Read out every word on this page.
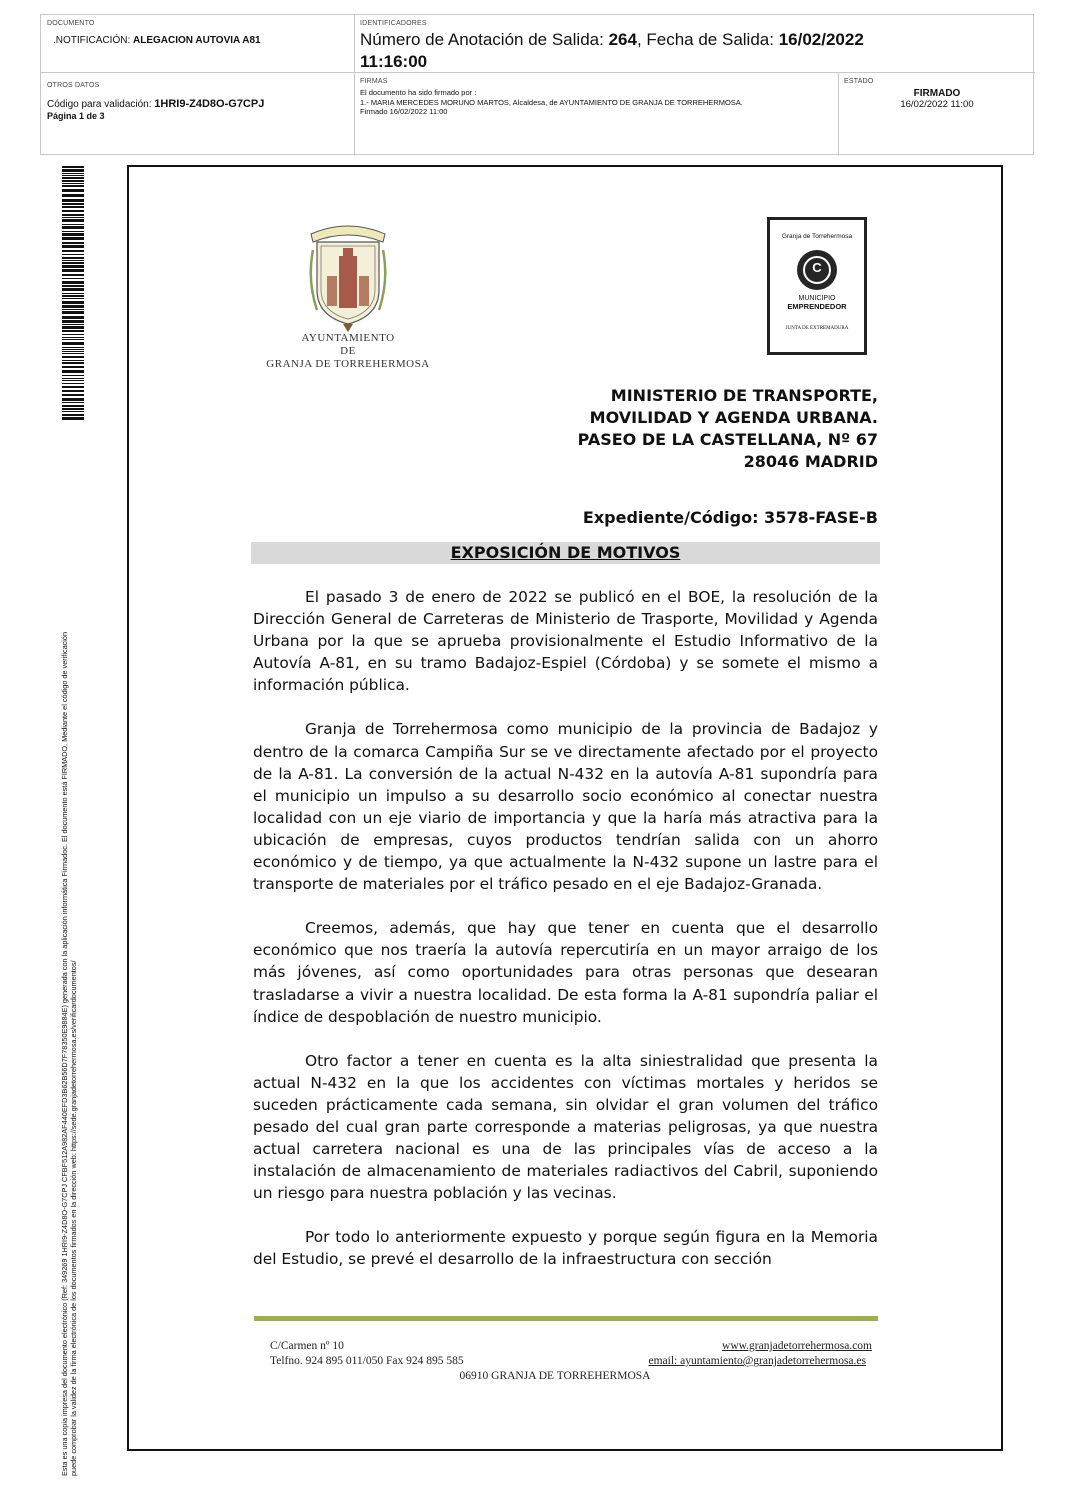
DOCUMENTO
.NOTIFICACIÓN: ALEGACION AUTOVIA A81
IDENTIFICADORES
Número de Anotación de Salida: 264, Fecha de Salida: 16/02/2022
11:16:00
OTROS DATOS
Código para validación: 1HRI9-Z4D8O-G7CPJ
Página 1 de 3
FIRMAS
El documento ha sido firmado por :
1.- MARIA MERCEDES MORUNO MARTOS, Alcaldesa, de AYUNTAMIENTO DE GRANJA DE TORREHERMOSA.
Firmado 16/02/2022 11:00
ESTADO
FIRMADO
16/02/2022 11:00
Esta es una copia impresa del documento electrónico (Ref: 349269 1HRI9-Z4D8O-G7CPJ CFBF512A982AF440EFD3B62B56D7F78350E9884E) generada con la aplicación informática Firmadoc. El documento está FIRMADO. Mediante el código de verificación puede comprobar la validez de la firma electrónica de los documentos firmados en la dirección web: https://sede.granjadetorrehermosa.es/verificardocumentos/
AYUNTAMIENTO
DE
GRANJA DE TORREHERMOSA
Granja de Torrehermosa
C
MUNICIPIO
EMPRENDEDOR
JUNTA DE EXTREMADURA
MINISTERIO DE TRANSPORTE,
MOVILIDAD Y AGENDA URBANA.
PASEO DE LA CASTELLANA, Nº 67
28046 MADRID
Expediente/Código: 3578-FASE-B
EXPOSICIÓN DE MOTIVOS

El pasado 3 de enero de 2022 se publicó en el BOE, la resolución de la Dirección General de Carreteras de Ministerio de Trasporte, Movilidad y Agenda Urbana por la que se aprueba provisionalmente el Estudio Informativo de la Autovía A-81, en su tramo Badajoz-Espiel (Córdoba) y se somete el mismo a información pública.

Granja de Torrehermosa como municipio de la provincia de Badajoz y dentro de la comarca Campiña Sur se ve directamente afectado por el proyecto de la A-81. La conversión de la actual N-432 en la autovía A-81 supondría para el municipio un impulso a su desarrollo socio económico al conectar nuestra localidad con un eje viario de importancia y que la haría más atractiva para la ubicación de empresas, cuyos productos tendrían salida con un ahorro económico y de tiempo, ya que actualmente la N-432 supone un lastre para el transporte de materiales por el tráfico pesado en el eje Badajoz-Granada.

Creemos, además, que hay que tener en cuenta que el desarrollo económico que nos traería la autovía repercutiría en un mayor arraigo de los más jóvenes, así como oportunidades para otras personas que desearan trasladarse a vivir a nuestra localidad. De esta forma la A-81 supondría paliar el índice de despoblación de nuestro municipio.

Otro factor a tener en cuenta es la alta siniestralidad que presenta la actual N-432 en la que los accidentes con víctimas mortales y heridos se suceden prácticamente cada semana, sin olvidar el gran volumen del tráfico pesado del cual gran parte corresponde a materias peligrosas, ya que nuestra actual carretera nacional es una de las principales vías de acceso a la instalación de almacenamiento de materiales radiactivos del Cabril, suponiendo un riesgo para nuestra población y las vecinas.

Por todo lo anteriormente expuesto y porque según figura en la Memoria del Estudio, se prevé el desarrollo de la infraestructura con sección

C/Carmen nº 10	www.granjadetorrehermosa.com
Telfno. 924 895 011/050 Fax 924 895 585	email: ayuntamiento@granjadetorrehermosa.es
06910 GRANJA DE TORREHERMOSA
